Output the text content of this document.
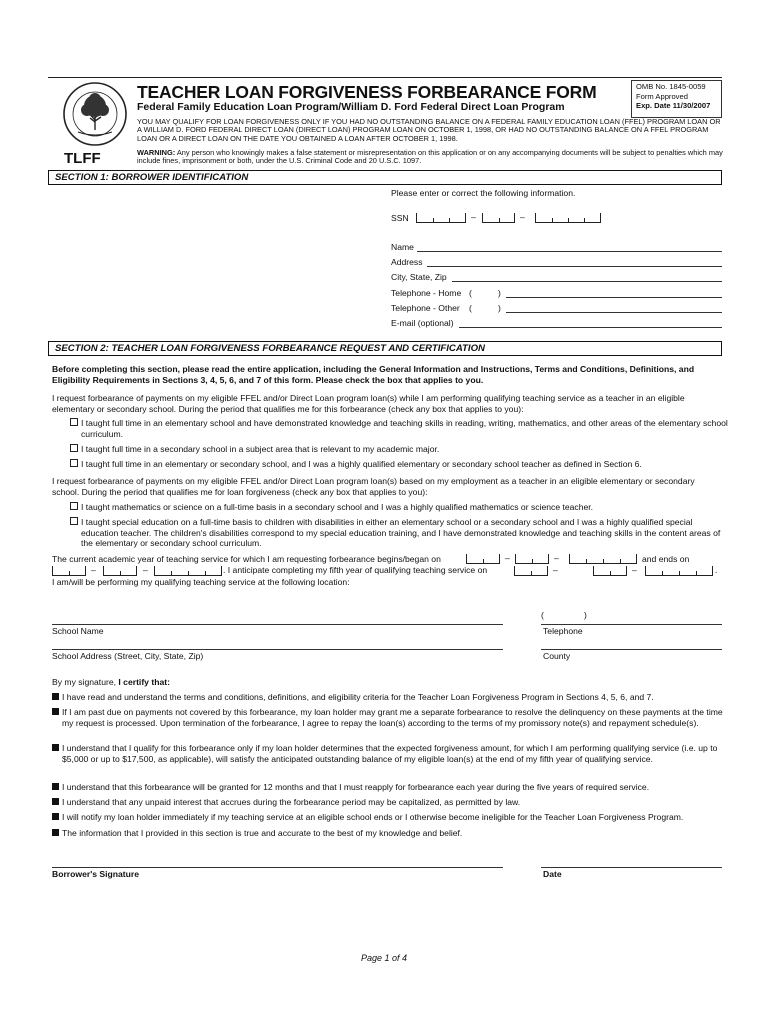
TLFF
TEACHER LOAN FORGIVENESS FORBEARANCE FORM
Federal Family Education Loan Program/William D. Ford Federal Direct Loan Program
OMB No. 1845-0059
Form Approved
Exp. Date 11/30/2007
YOU MAY QUALIFY FOR LOAN FORGIVENESS ONLY IF YOU HAD NO OUTSTANDING BALANCE ON A FEDERAL FAMILY EDUCATION LOAN (FFEL) PROGRAM LOAN OR A WILLIAM D. FORD FEDERAL DIRECT LOAN (DIRECT LOAN) PROGRAM LOAN ON OCTOBER 1, 1998, OR HAD NO OUTSTANDING BALANCE ON A FFEL PROGRAM LOAN OR A DIRECT LOAN ON THE DATE YOU OBTAINED A LOAN AFTER OCTOBER 1, 1998.
WARNING: Any person who knowingly makes a false statement or misrepresentation on this application or on any accompanying documents will be subject to penalties which may include fines, imprisonment or both, under the U.S. Criminal Code and 20 U.S.C. 1097.
SECTION 1: BORROWER IDENTIFICATION
Please enter or correct the following information.
SSN	–	–
Name
Address
City, State, Zip
Telephone - Home (	)
Telephone - Other (	)
E-mail (optional)
SECTION 2: TEACHER LOAN FORGIVENESS FORBEARANCE REQUEST AND CERTIFICATION
Before completing this section, please read the entire application, including the General Information and Instructions, Terms and Conditions, Definitions, and Eligibility Requirements in Sections 3, 4, 5, 6, and 7 of this form. Please check the box that applies to you.
I request forbearance of payments on my eligible FFEL and/or Direct Loan program loan(s) while I am performing qualifying teaching service as a teacher in an eligible elementary or secondary school. During the period that qualifies me for this forbearance (check any box that applies to you):
I taught full time in an elementary school and have demonstrated knowledge and teaching skills in reading, writing, mathematics, and other areas of the elementary school curriculum.
I taught full time in a secondary school in a subject area that is relevant to my academic major.
I taught full time in an elementary or secondary school, and I was a highly qualified elementary or secondary school teacher as defined in Section 6.
I request forbearance of payments on my eligible FFEL and/or Direct Loan program loan(s) based on my employment as a teacher in an eligible elementary or secondary school. During the period that qualifies me for loan forgiveness (check any box that applies to you):
I taught mathematics or science on a full-time basis in a secondary school and I was a highly qualified mathematics or science teacher.
I taught special education on a full-time basis to children with disabilities in either an elementary school or a secondary school and I was a highly qualified special education teacher. The children's disabilities correspond to my special education training, and I have demonstrated knowledge and teaching skills in the content areas of the elementary or secondary school curriculum.
The current academic year of teaching service for which I am requesting forbearance begins/began on	–	–	and ends on
–	–	. I anticipate completing my fifth year of qualifying teaching service on	–	–	.
I am/will be performing my qualifying teaching service at the following location:
(	)
School Name	Telephone
School Address (Street, City, State, Zip)	County
By my signature, I certify that:
I have read and understand the terms and conditions, definitions, and eligibility criteria for the Teacher Loan Forgiveness Program in Sections 4, 5, 6, and 7.
If I am past due on payments not covered by this forbearance, my loan holder may grant me a separate forbearance to resolve the delinquency on these payments at the time my request is processed. Upon termination of the forbearance, I agree to repay the loan(s) according to the terms of my promissory note(s) and repayment schedule(s).
I understand that I qualify for this forbearance only if my loan holder determines that the expected forgiveness amount, for which I am performing qualifying service (i.e. up to $5,000 or up to $17,500, as applicable), will satisfy the anticipated outstanding balance of my eligible loan(s) at the end of my fifth year of qualifying service.
I understand that this forbearance will be granted for 12 months and that I must reapply for forbearance each year during the five years of required service.
I understand that any unpaid interest that accrues during the forbearance period may be capitalized, as permitted by law.
I will notify my loan holder immediately if my teaching service at an eligible school ends or I otherwise become ineligible for the Teacher Loan Forgiveness Program.
The information that I provided in this section is true and accurate to the best of my knowledge and belief.
Borrower's Signature	Date
Page 1 of 4
